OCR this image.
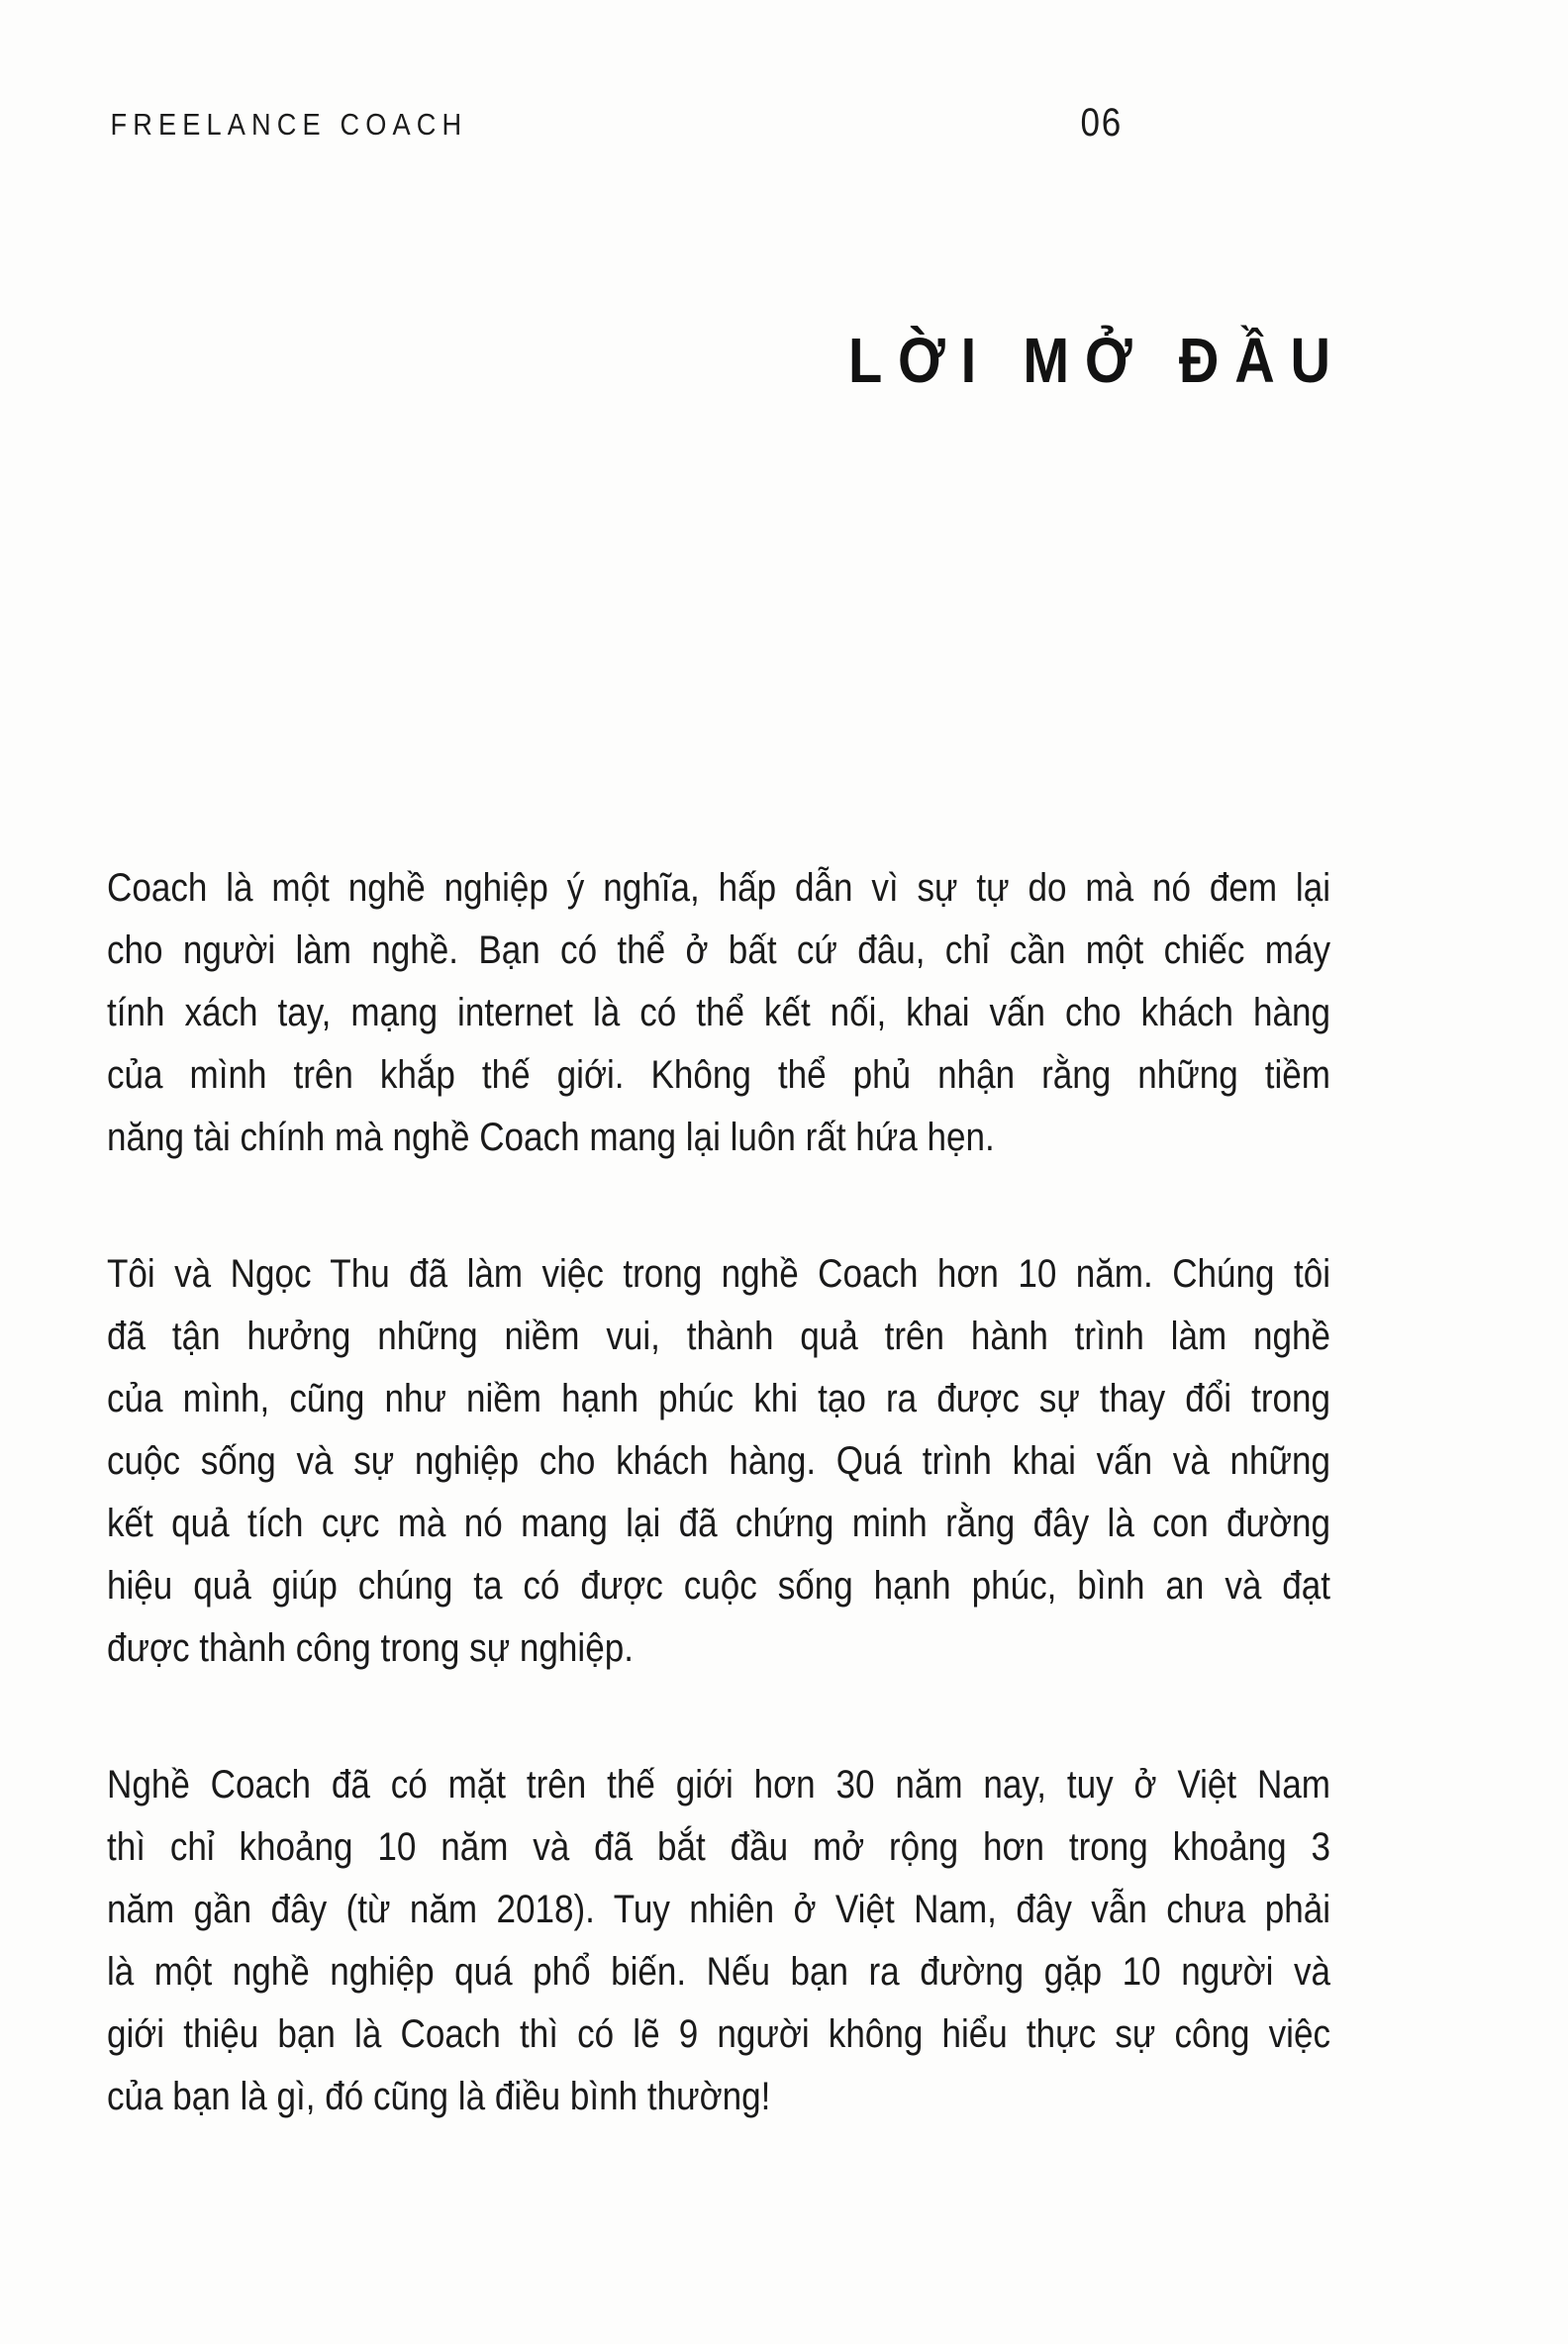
FREELANCE COACH	06
LỜI MỞ ĐẦU
Coach là một nghề nghiệp ý nghĩa, hấp dẫn vì sự tự do mà nó đem lại
cho người làm nghề. Bạn có thể ở bất cứ đâu, chỉ cần một chiếc máy
tính xách tay, mạng internet là có thể kết nối, khai vấn cho khách hàng
của mình trên khắp thế giới. Không thể phủ nhận rằng những tiềm
năng tài chính mà nghề Coach mang lại luôn rất hứa hẹn.
Tôi và Ngọc Thu đã làm việc trong nghề Coach hơn 10 năm. Chúng tôi
đã tận hưởng những niềm vui, thành quả trên hành trình làm nghề
của mình, cũng như niềm hạnh phúc khi tạo ra được sự thay đổi trong
cuộc sống và sự nghiệp cho khách hàng. Quá trình khai vấn và những
kết quả tích cực mà nó mang lại đã chứng minh rằng đây là con đường
hiệu quả giúp chúng ta có được cuộc sống hạnh phúc, bình an và đạt
được thành công trong sự nghiệp.
Nghề Coach đã có mặt trên thế giới hơn 30 năm nay, tuy ở Việt Nam
thì chỉ khoảng 10 năm và đã bắt đầu mở rộng hơn trong khoảng 3
năm gần đây (từ năm 2018). Tuy nhiên ở Việt Nam, đây vẫn chưa phải
là một nghề nghiệp quá phổ biến. Nếu bạn ra đường gặp 10 người và
giới thiệu bạn là Coach thì có lẽ 9 người không hiểu thực sự công việc
của bạn là gì, đó cũng là điều bình thường!
